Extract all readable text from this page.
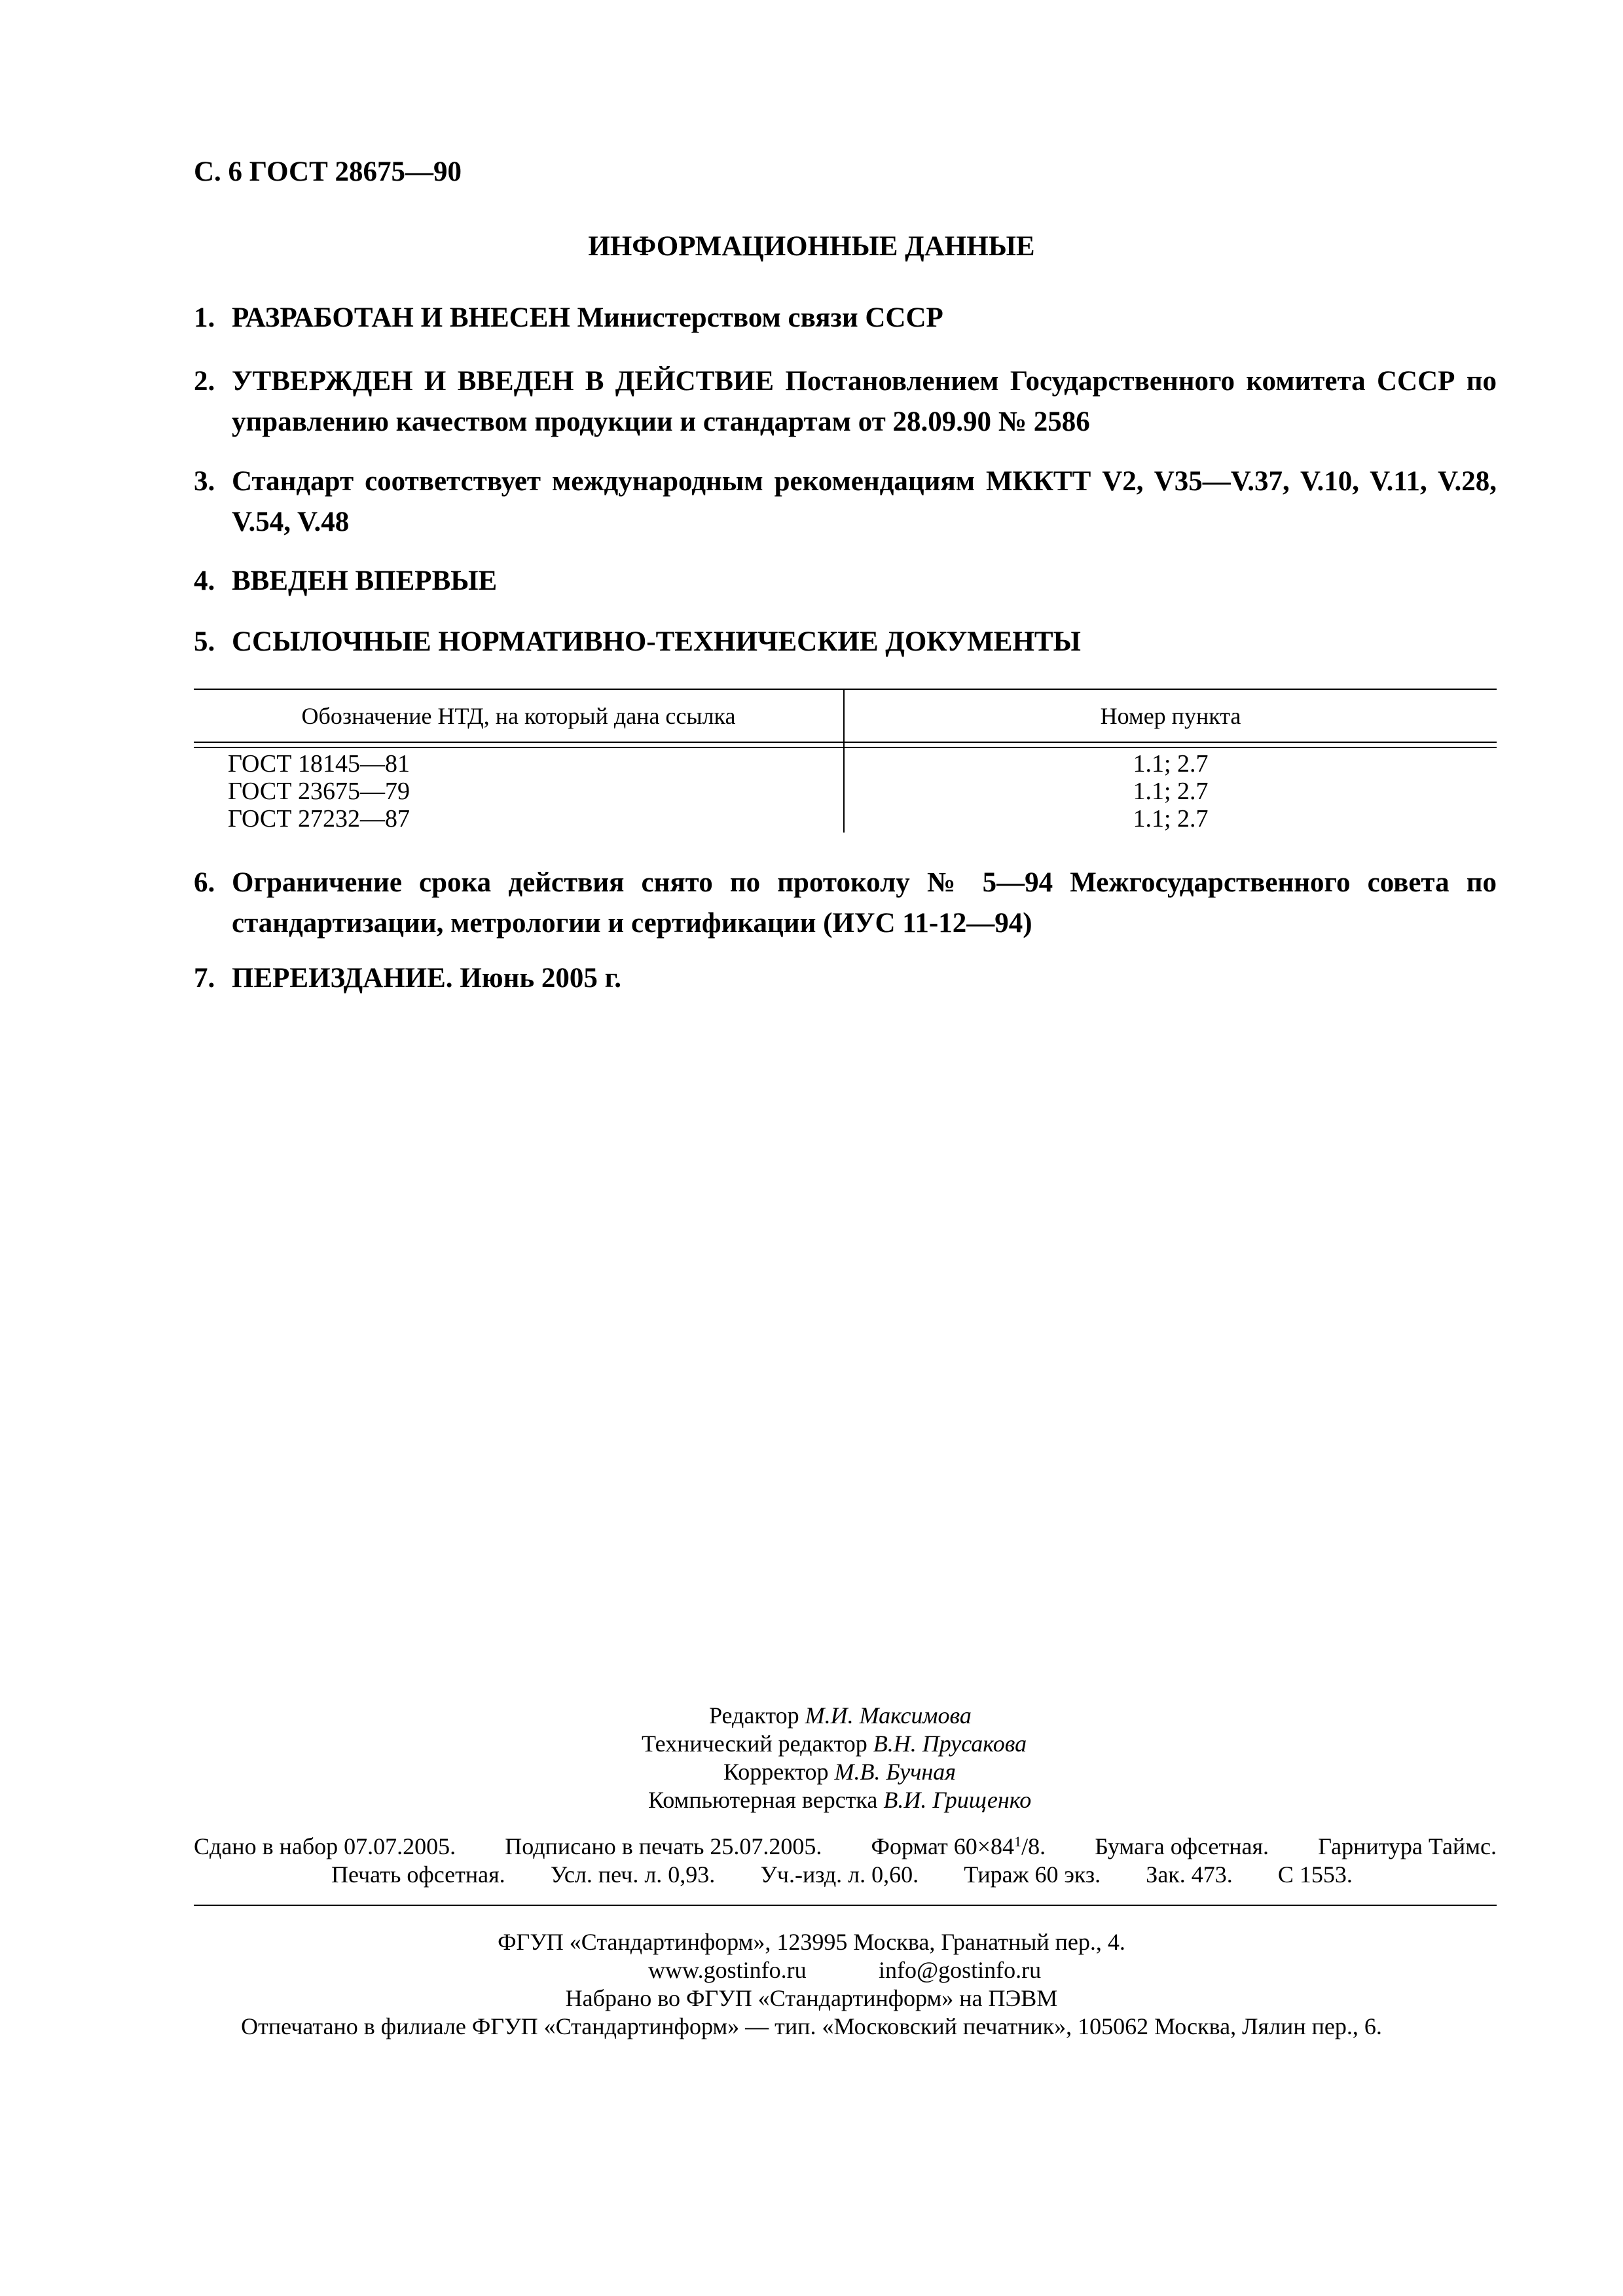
С. 6 ГОСТ 28675—90
ИНФОРМАЦИОННЫЕ ДАННЫЕ
1. РАЗРАБОТАН И ВНЕСЕН Министерством связи СССР
2. УТВЕРЖДЕН И ВВЕДЕН В ДЕЙСТВИЕ Постановлением Государственного комитета СССР по управлению качеством продукции и стандартам от 28.09.90 № 2586
3. Стандарт соответствует международным рекомендациям МККТТ V2, V35—V.37, V.10, V.11, V.28, V.54, V.48
4. ВВЕДЕН ВПЕРВЫЕ
5. ССЫЛОЧНЫЕ НОРМАТИВНО-ТЕХНИЧЕСКИЕ ДОКУМЕНТЫ
Обозначение НТД, на который дана ссылка	Номер пункта
ГОСТ 18145—81	1.1; 2.7
ГОСТ 23675—79	1.1; 2.7
ГОСТ 27232—87	1.1; 2.7
6. Ограничение срока действия снято по протоколу № 5—94 Межгосударственного совета по стандартизации, метрологии и сертификации (ИУС 11-12—94)
7. ПЕРЕИЗДАНИЕ. Июнь 2005 г.
Редактор М.И. Максимова
Технический редактор В.Н. Прусакова
Корректор М.В. Бучная
Компьютерная верстка В.И. Грищенко
Сдано в набор 07.07.2005. Подписано в печать 25.07.2005. Формат $60\times 84^1/8$. Бумага офсетная. Гарнитура Таймс.
Печать офсетная. Усл. печ. л. 0,93. Уч.-изд. л. 0,60. Тираж 60 экз. Зак. 473. С 1553.
ФГУП «Стандартинформ», 123995 Москва, Гранатный пер., 4.
www.gostinfo.ru	info@gostinfo.ru
Набрано во ФГУП «Стандартинформ» на ПЭВМ
Отпечатано в филиале ФГУП «Стандартинформ» — тип. «Московский печатник», 105062 Москва, Лялин пер., 6.
